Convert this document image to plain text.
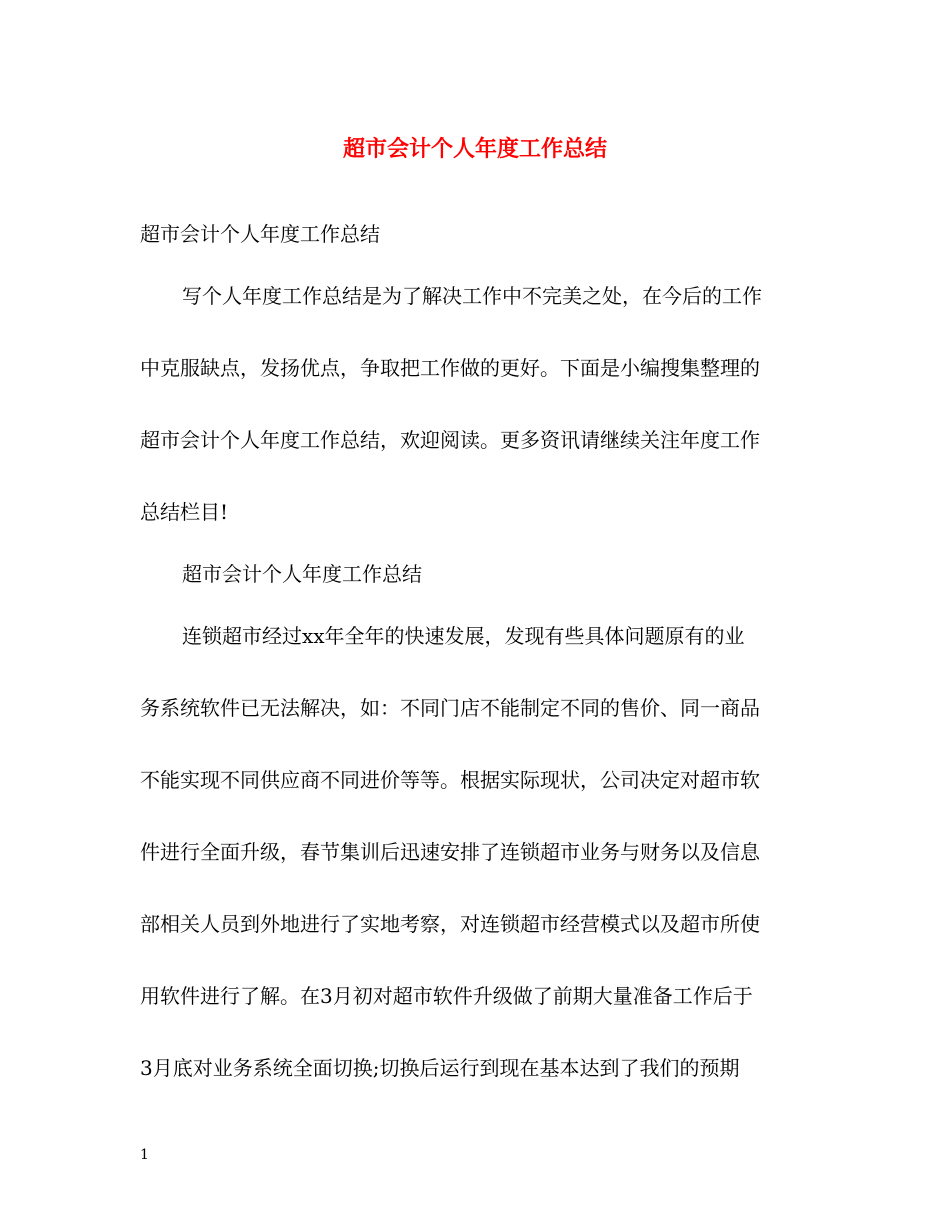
超市会计个人年度工作总结
超市会计个人年度工作总结
写个人年度工作总结是为了解决工作中不完美之处，在今后的工作
中克服缺点，发扬优点，争取把工作做的更好。下面是小编搜集整理的
超市会计个人年度工作总结，欢迎阅读。更多资讯请继续关注年度工作
总结栏目!
超市会计个人年度工作总结
连锁超市经过xx年全年的快速发展，发现有些具体问题原有的业
务系统软件已无法解决，如：不同门店不能制定不同的售价、同一商品
不能实现不同供应商不同进价等等。根据实际现状，公司决定对超市软
件进行全面升级，春节集训后迅速安排了连锁超市业务与财务以及信息
部相关人员到外地进行了实地考察，对连锁超市经营模式以及超市所使
用软件进行了解。在3月初对超市软件升级做了前期大量准备工作后于
3月底对业务系统全面切换;切换后运行到现在基本达到了我们的预期
1
